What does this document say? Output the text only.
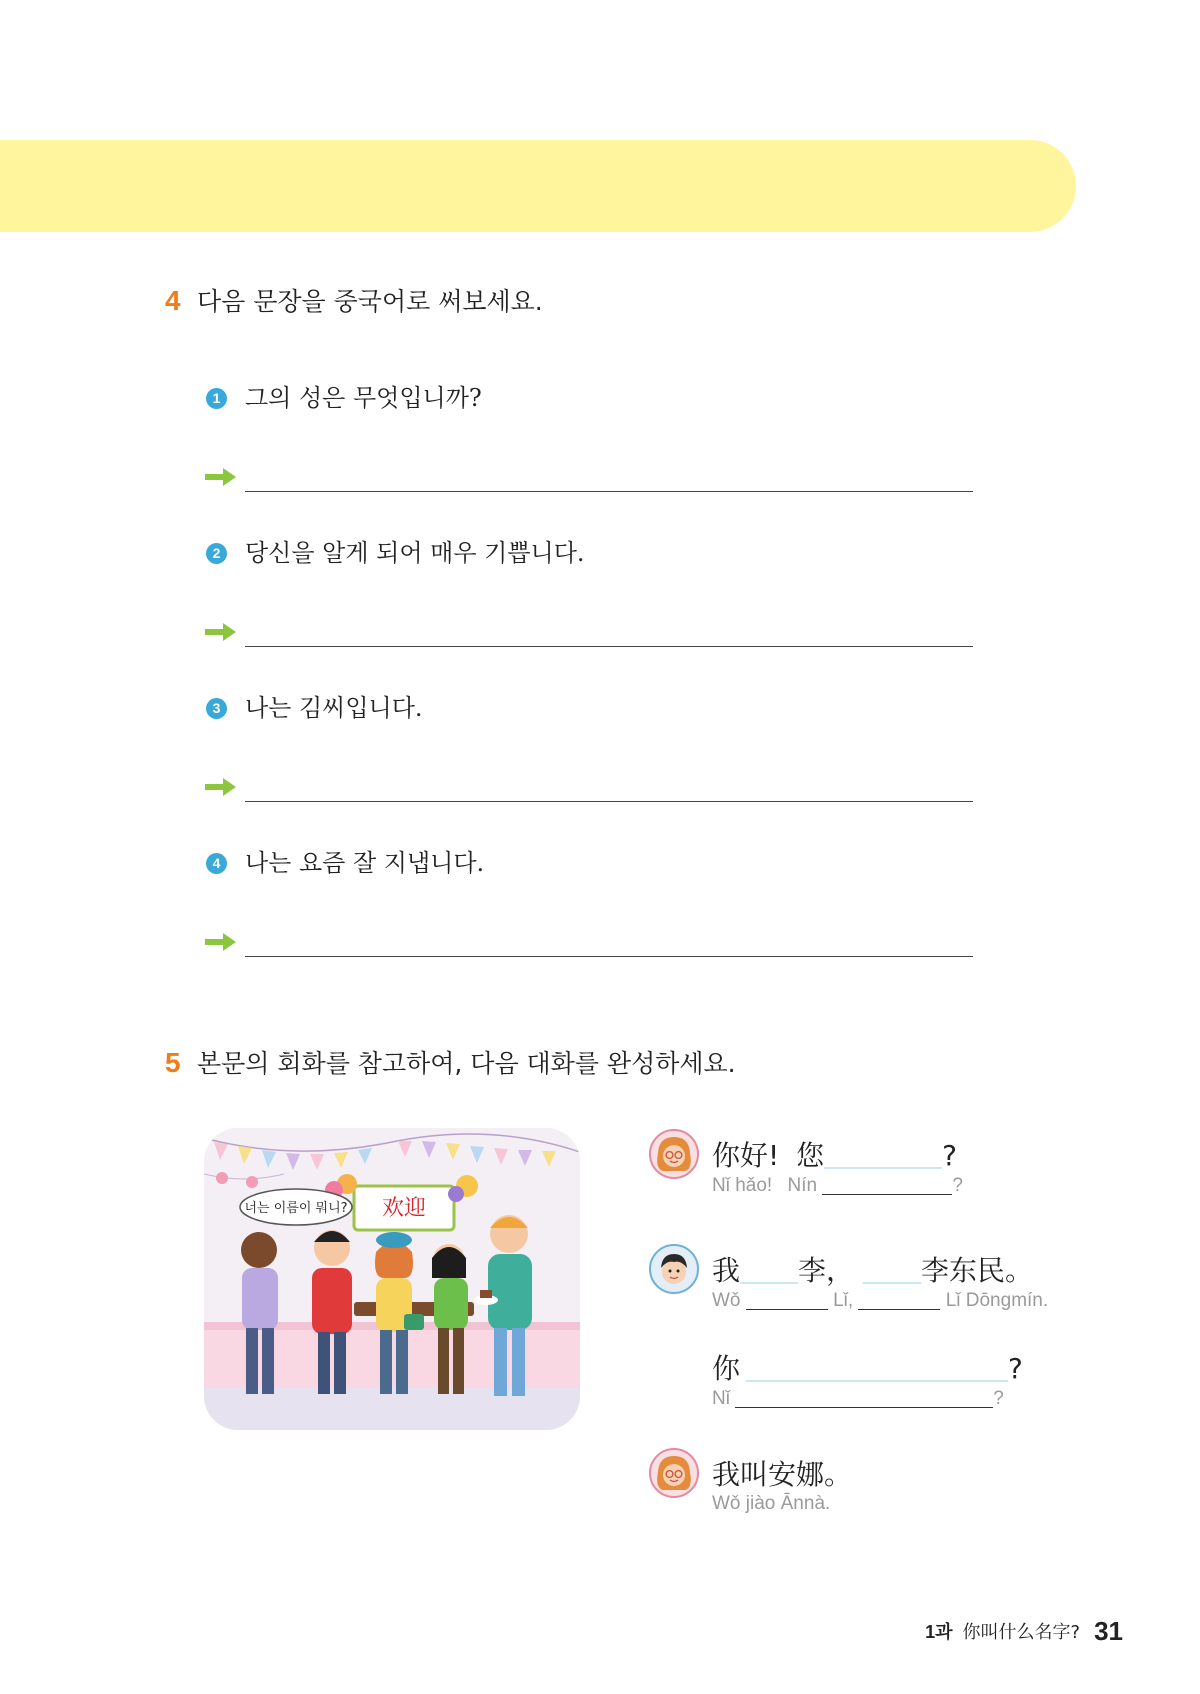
4 다음 문장을 중국어로 써보세요.
1 그의 성은 무엇입니까?
2 당신을 알게 되어 매우 기쁩니다.
3 나는 김씨입니다.
4 나는 요즘 잘 지냅니다.
5 본문의 회화를 참고하여, 다음 대화를 완성하세요.
欢迎
너는 이름이 뭐니?
你好! 您	?
Nǐ hǎo! Nín	?
我 李， 李东民。
Wǒ	Lǐ,	Lǐ Dōngmín.
你	?
Nǐ	?
我叫安娜。
Wǒ jiào Ānnà.
1과 你叫什么名字? 31
